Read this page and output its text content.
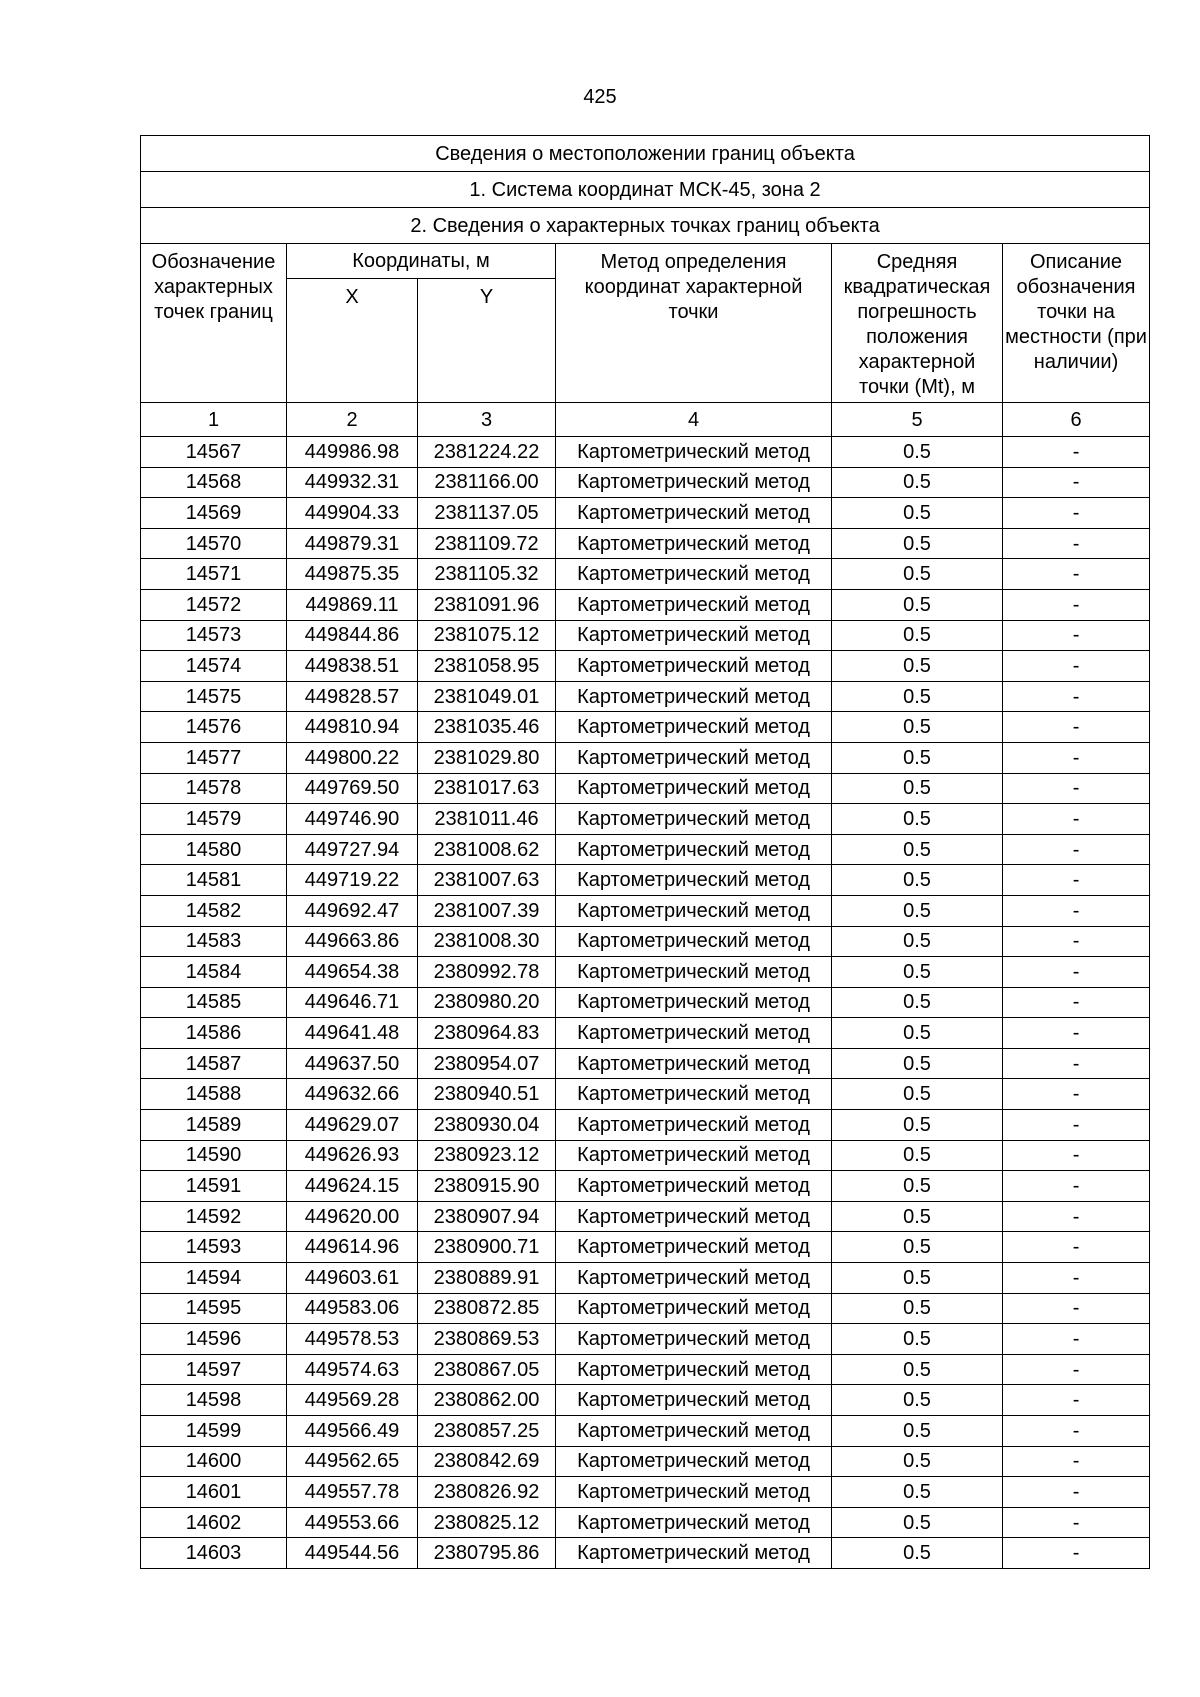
425
Сведения о местоположении границ объекта					
1. Система координат МСК-45, зона 2					
2. Сведения о характерных точках границ объекта					
Обозначение характерных точек границ	Координаты, м		Метод определения координат характерной точки	Средняя квадратическая погрешность положения характерной точки (Mt), м	Описание обозначения точки на местности (при наличии)
	X	Y			
1	2	3	4	5	6
14567	449986.98	2381224.22	Картометрический метод	0.5	-
14568	449932.31	2381166.00	Картометрический метод	0.5	-
14569	449904.33	2381137.05	Картометрический метод	0.5	-
14570	449879.31	2381109.72	Картометрический метод	0.5	-
14571	449875.35	2381105.32	Картометрический метод	0.5	-
14572	449869.11	2381091.96	Картометрический метод	0.5	-
14573	449844.86	2381075.12	Картометрический метод	0.5	-
14574	449838.51	2381058.95	Картометрический метод	0.5	-
14575	449828.57	2381049.01	Картометрический метод	0.5	-
14576	449810.94	2381035.46	Картометрический метод	0.5	-
14577	449800.22	2381029.80	Картометрический метод	0.5	-
14578	449769.50	2381017.63	Картометрический метод	0.5	-
14579	449746.90	2381011.46	Картометрический метод	0.5	-
14580	449727.94	2381008.62	Картометрический метод	0.5	-
14581	449719.22	2381007.63	Картометрический метод	0.5	-
14582	449692.47	2381007.39	Картометрический метод	0.5	-
14583	449663.86	2381008.30	Картометрический метод	0.5	-
14584	449654.38	2380992.78	Картометрический метод	0.5	-
14585	449646.71	2380980.20	Картометрический метод	0.5	-
14586	449641.48	2380964.83	Картометрический метод	0.5	-
14587	449637.50	2380954.07	Картометрический метод	0.5	-
14588	449632.66	2380940.51	Картометрический метод	0.5	-
14589	449629.07	2380930.04	Картометрический метод	0.5	-
14590	449626.93	2380923.12	Картометрический метод	0.5	-
14591	449624.15	2380915.90	Картометрический метод	0.5	-
14592	449620.00	2380907.94	Картометрический метод	0.5	-
14593	449614.96	2380900.71	Картометрический метод	0.5	-
14594	449603.61	2380889.91	Картометрический метод	0.5	-
14595	449583.06	2380872.85	Картометрический метод	0.5	-
14596	449578.53	2380869.53	Картометрический метод	0.5	-
14597	449574.63	2380867.05	Картометрический метод	0.5	-
14598	449569.28	2380862.00	Картометрический метод	0.5	-
14599	449566.49	2380857.25	Картометрический метод	0.5	-
14600	449562.65	2380842.69	Картометрический метод	0.5	-
14601	449557.78	2380826.92	Картометрический метод	0.5	-
14602	449553.66	2380825.12	Картометрический метод	0.5	-
14603	449544.56	2380795.86	Картометрический метод	0.5	-
